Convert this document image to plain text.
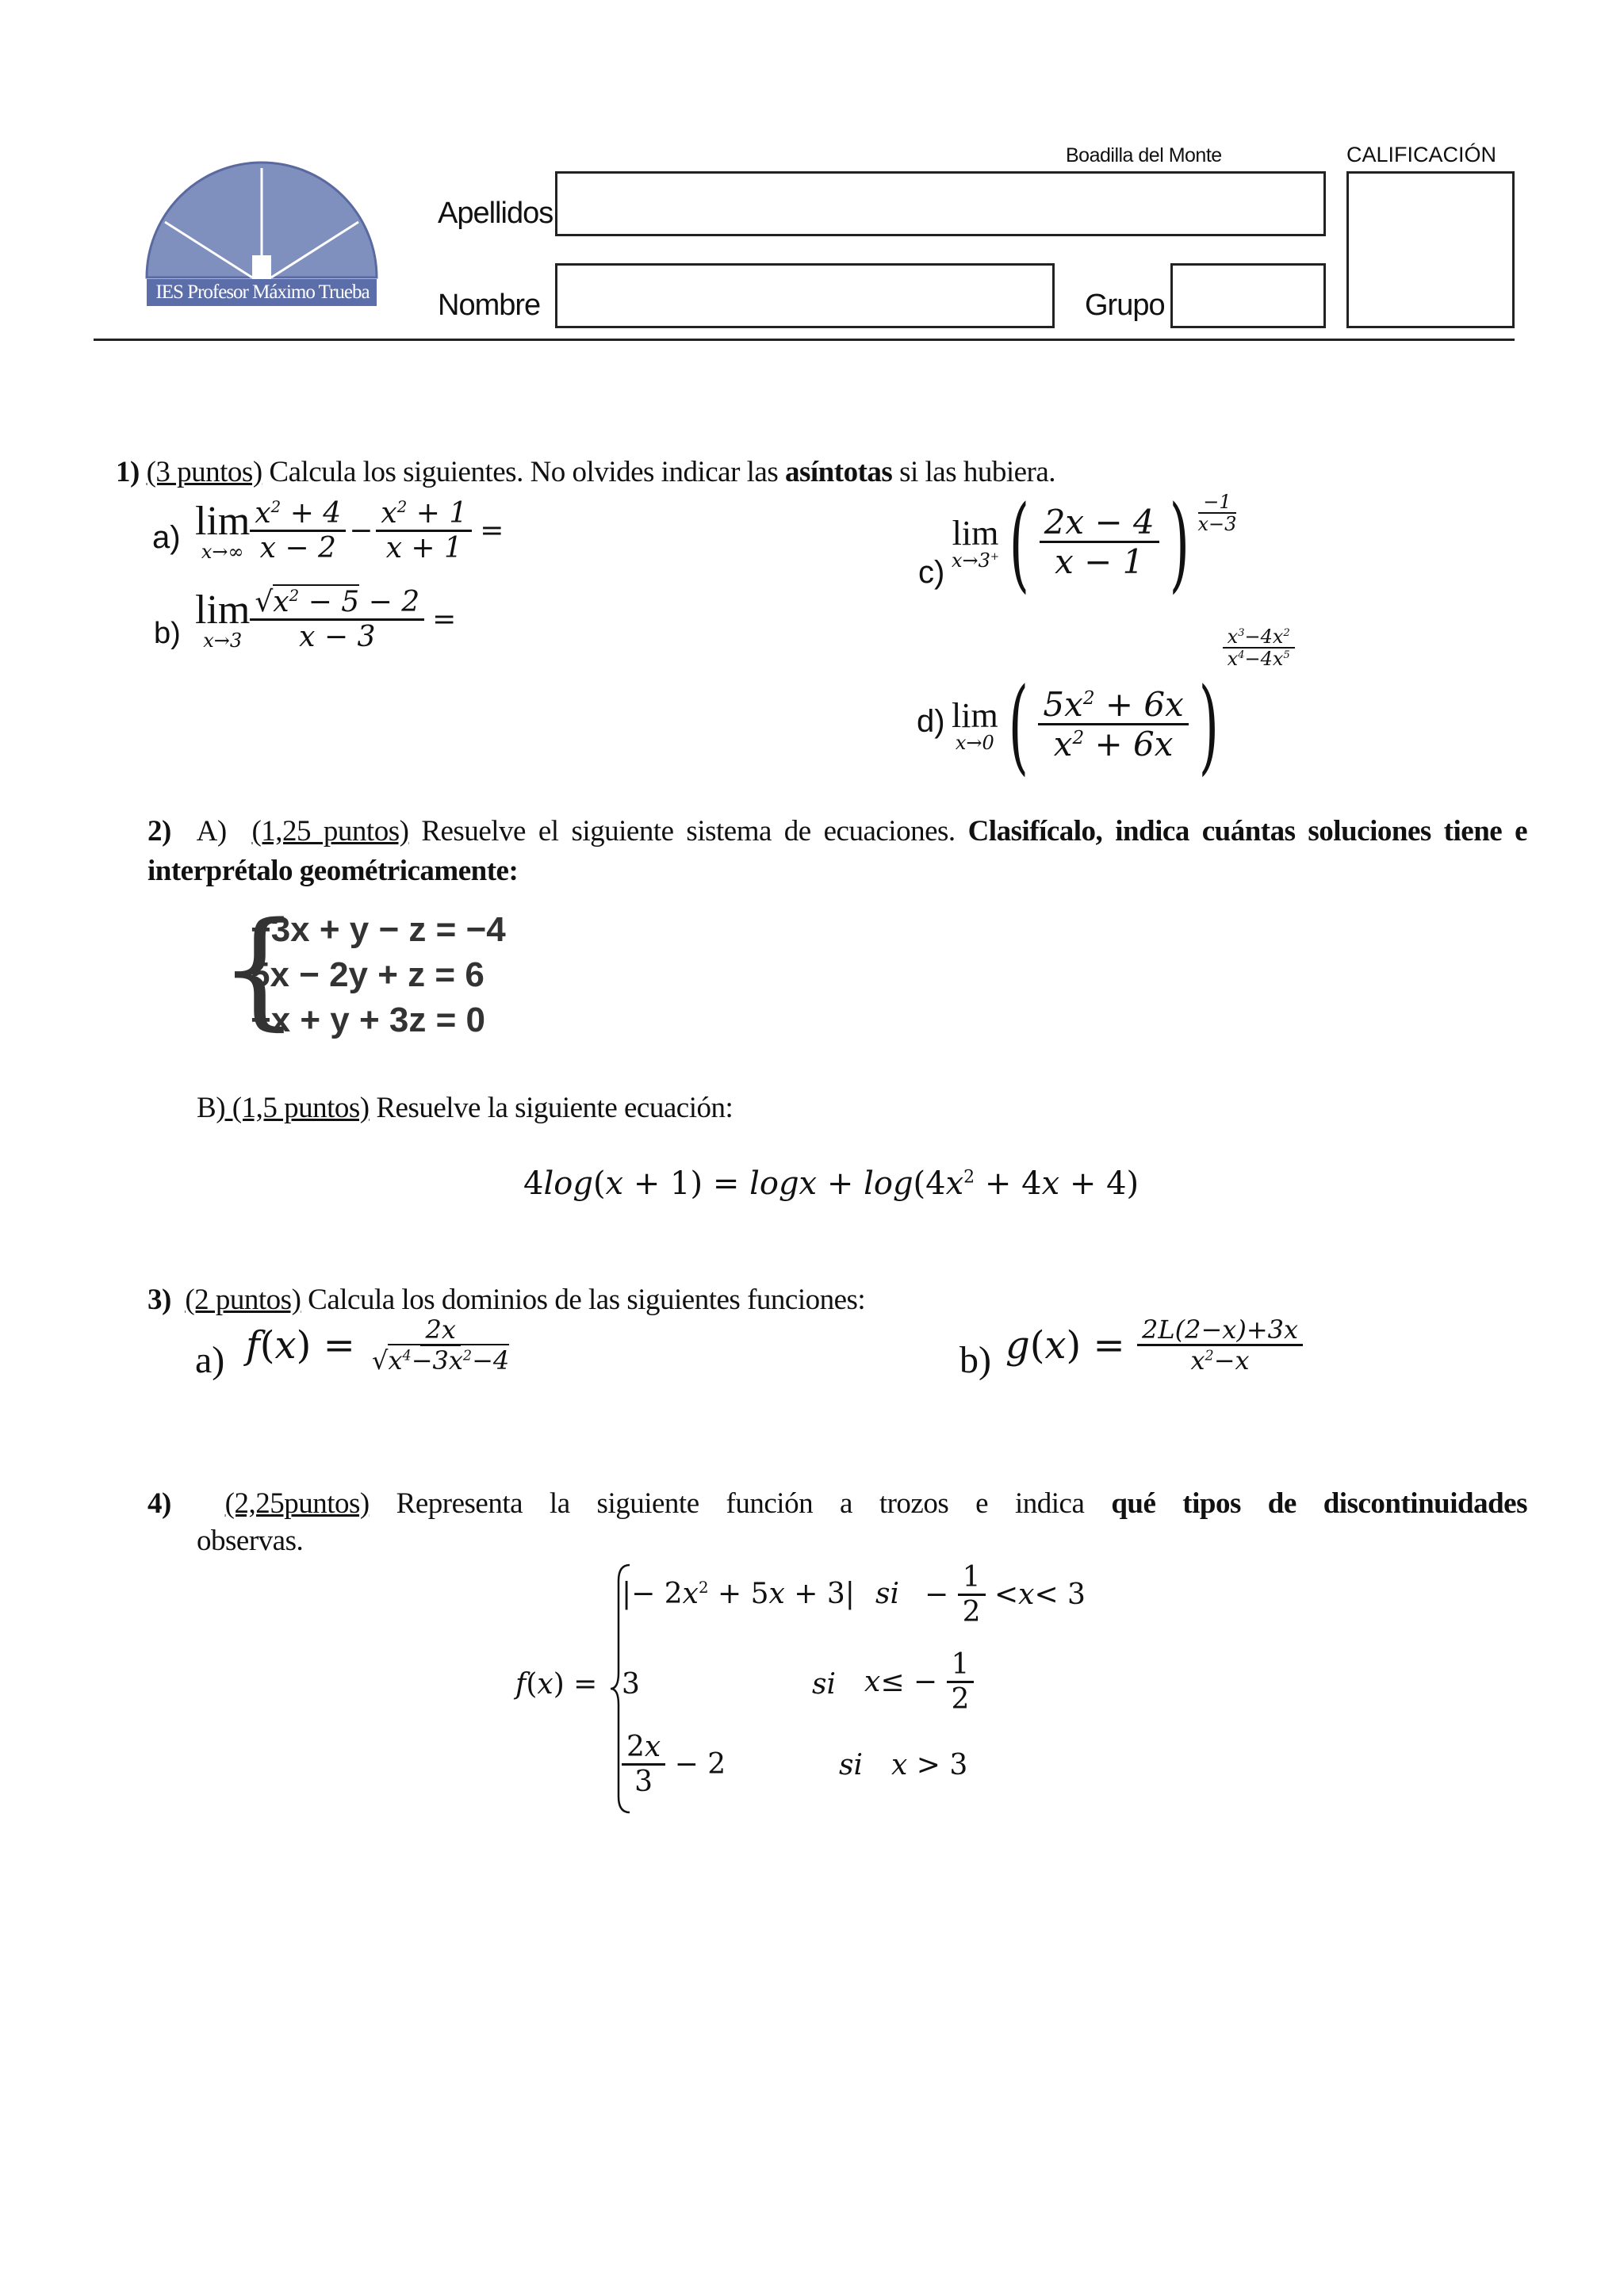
IES Profesor Máximo Trueba
Boadilla del Monte	CALIFICACIÓN
Apellidos
Nombre	Grupo
1) (3 puntos) Calcula los siguientes. No olvides indicar las asíntotas si las hubiera.
a) lim
$x\to\infty \frac{x^2 + 4}{x - 2} - \frac{x^2 + 1}{x + 1}$ =
b)
lim
$x\to 3 \frac{√x^2 - 5 - 2}{x - 3}$ =
c)
lim
x→3+ ( $\frac{2x - 4}{x - 1}$ ) $\frac{-1}{x-3}$
d) lim
x→0 ( $\frac{5x^2 + 6x}{x^2 + 6x}$ )
$\frac{x^3-4x^2}{x^4-4x^5}$
2) A) (1,25 puntos) Resuelve el siguiente sistema de ecuaciones. Clasifícalo, indica cuántas soluciones tiene e interprétalo geométricamente:
{
−3x + y − z = −4
5x − 2y + z = 6
−x + y + 3z = 0
B) (1,5 puntos) Resuelve la siguiente ecuación:
$4\log(x + 1) = \log x + \log(4x^2 + 4x + 4)$
3) (2 puntos) Calcula los dominios de las siguientes funciones:
a) f ( x ) = $\frac{2x}{√x^4-3x^2-4}$	b) g ( x ) = $\frac{2L(2-x)+3x}{x^2-x}$
4) (2,25puntos) Represent​a la siguiente función a trozos e indica qué tipos de discontinuidades
observas.
f(x) =
|− $2x^2 + 5x + 3|$ si − $\frac{1}{2} < x < 3$
3	si x ≤ − $\frac{1}{2}$
$\frac{2x}{3} - 2$	si x > 3
